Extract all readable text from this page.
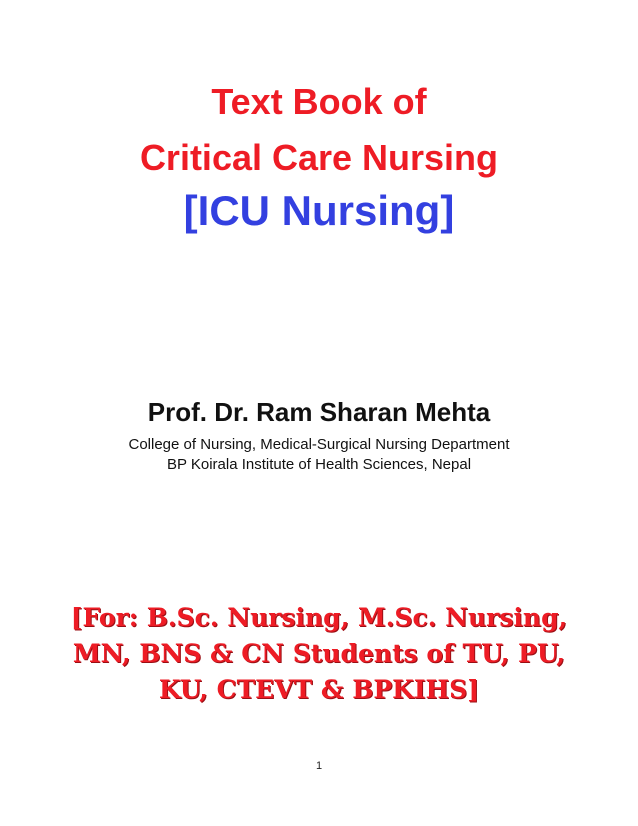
Text Book of
Critical Care Nursing
[ICU Nursing]
Prof. Dr. Ram Sharan Mehta
College of Nursing, Medical-Surgical Nursing Department
BP Koirala Institute of Health Sciences, Nepal
[For: B.Sc. Nursing, M.Sc. Nursing,
MN, BNS & CN Students of TU, PU,
KU, CTEVT & BPKIHS]
1
